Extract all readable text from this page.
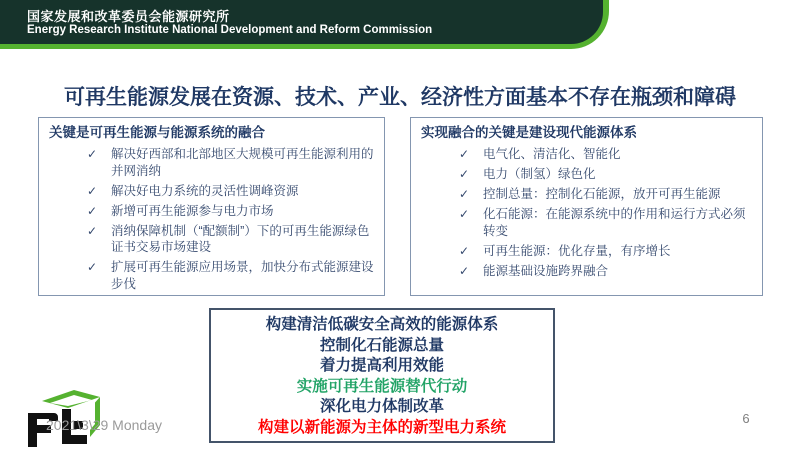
国家发展和改革委员会能源研究所
Energy Research Institute National Development and Reform Commission
可再生能源发展在资源、技术、产业、经济性方面基本不存在瓶颈和障碍
关键是可再生能源与能源系统的融合
✓	解决好西部和北部地区大规模可再生能源利用的并网消纳
✓	解决好电力系统的灵活性调峰资源
✓	新增可再生能源参与电力市场
✓	消纳保障机制（“配额制”）下的可再生能源绿色证书交易市场建设
✓	扩展可再生能源应用场景，加快分布式能源建设步伐
实现融合的关键是建设现代能源体系
✓	电气化、清洁化、智能化
✓	电力（制氢）绿色化
✓	控制总量：控制化石能源，放开可再生能源
✓	化石能源：在能源系统中的作用和运行方式必须转变
✓	可再生能源：优化存量，有序增长
✓	能源基础设施跨界融合
构建清洁低碳安全高效的能源体系
控制化石能源总量
着力提高利用效能
实施可再生能源替代行动
深化电力体制改革
构建以新能源为主体的新型电力系统
2021\3\29 Monday	6
